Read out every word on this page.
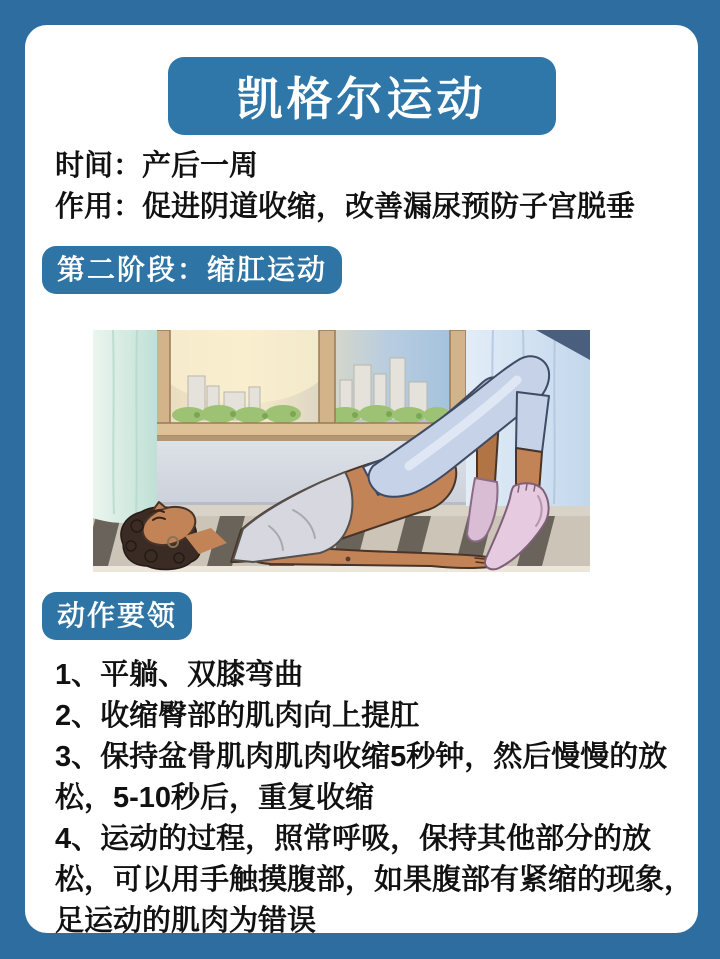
凯格尔运动
时间：产后一周
作用：促进阴道收缩，改善漏尿预防子宫脱垂
第二阶段：缩肛运动
动作要领
1、平躺、双膝弯曲
2、收缩臀部的肌肉向上提肛
3、保持盆骨肌肉肌肉收缩5秒钟，然后慢慢的放松，5-10秒后，重复收缩
4、运动的过程，照常呼吸，保持其他部分的放松，可以用手触摸腹部，如果腹部有紧缩的现象，足运动的肌肉为错误
